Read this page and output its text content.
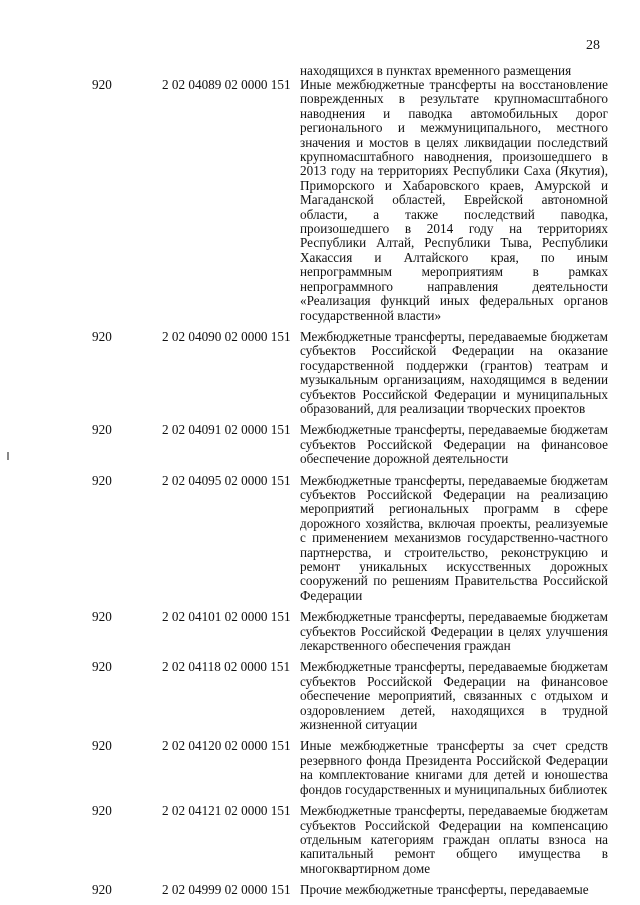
28
находящихся в пунктах временного размещения
920	2 02 04089 02 0000 151 Иные межбюджетные трансферты на восстановление поврежденных в результате крупномасштабного наводнения и паводка автомобильных дорог регионального и межмуниципального, местного значения и мостов в целях ликвидации последствий крупномасштабного наводнения, произошедшего в 2013 году на территориях Республики Саха (Якутия), Приморского и Хабаровского краев, Амурской и Магаданской областей, Еврейской автономной области, а также последствий паводка, произошедшего в 2014 году на территориях Республики Алтай, Республики Тыва, Республики Хакассия и Алтайского края, по иным непрограммным мероприятиям в рамках непрограммного направления деятельности «Реализация функций иных федеральных органов государственной власти»
920	2 02 04090 02 0000 151 Межбюджетные трансферты, передаваемые бюджетам субъектов Российской Федерации на оказание государственной поддержки (грантов) театрам и музыкальным организациям, находящимся в ведении субъектов Российской Федерации и муниципальных образований, для реализации творческих проектов
920	2 02 04091 02 0000 151 Межбюджетные трансферты, передаваемые бюджетам субъектов Российской Федерации на финансовое обеспечение дорожной деятельности
920	2 02 04095 02 0000 151 Межбюджетные трансферты, передаваемые бюджетам субъектов Российской Федерации на реализацию мероприятий региональных программ в сфере дорожного хозяйства, включая проекты, реализуемые с применением механизмов государственно-частного партнерства, и строительство, реконструкцию и ремонт уникальных искусственных дорожных сооружений по решениям Правительства Российской Федерации
920	2 02 04101 02 0000 151 Межбюджетные трансферты, передаваемые бюджетам субъектов Российской Федерации в целях улучшения лекарственного обеспечения граждан
920	2 02 04118 02 0000 151 Межбюджетные трансферты, передаваемые бюджетам субъектов Российской Федерации на финансовое обеспечение мероприятий, связанных с отдыхом и оздоровлением детей, находящихся в трудной жизненной ситуации
920	2 02 04120 02 0000 151 Иные межбюджетные трансферты за счет средств резервного фонда Президента Российской Федерации на комплектование книгами для детей и юношества фондов государственных и муниципальных библиотек
920	2 02 04121 02 0000 151 Межбюджетные трансферты, передаваемые бюджетам субъектов Российской Федерации на компенсацию отдельным категориям граждан оплаты взноса на капитальный ремонт общего имущества в многоквартирном доме
920	2 02 04999 02 0000 151 Прочие межбюджетные трансферты, передаваемые
